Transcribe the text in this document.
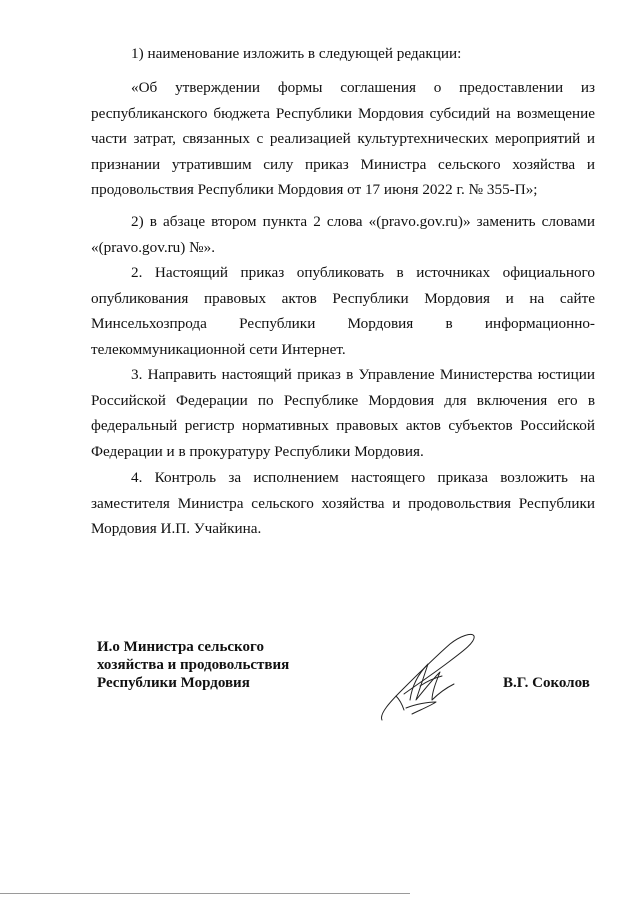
1) наименование изложить в следующей редакции:

«Об утверждении формы соглашения о предоставлении из республиканского бюджета Республики Мордовия субсидий на возмещение части затрат, связанных с реализацией культуртехнических мероприятий и признании утратившим силу приказ Министра сельского хозяйства и продовольствия Республики Мордовия от 17 июня 2022 г. № 355-П»;

2) в абзаце втором пункта 2 слова «(pravo.gov.ru)» заменить словами «(pravo.gov.ru) №».

2. Настоящий приказ опубликовать в источниках официального опубликования правовых актов Республики Мордовия и на сайте Минсельхозпрода Республики Мордовия в информационно-телекоммуникационной сети Интернет.

3. Направить настоящий приказ в Управление Министерства юстиции Российской Федерации по Республике Мордовия для включения его в федеральный регистр нормативных правовых актов субъектов Российской Федерации и в прокуратуру Республики Мордовия.

4. Контроль за исполнением настоящего приказа возложить на заместителя Министра сельского хозяйства и продовольствия Республики Мордовия И.П. Учайкина.

И.о Министра сельского
хозяйства и продовольствия
Республики Мордовия	В.Г. Соколов
